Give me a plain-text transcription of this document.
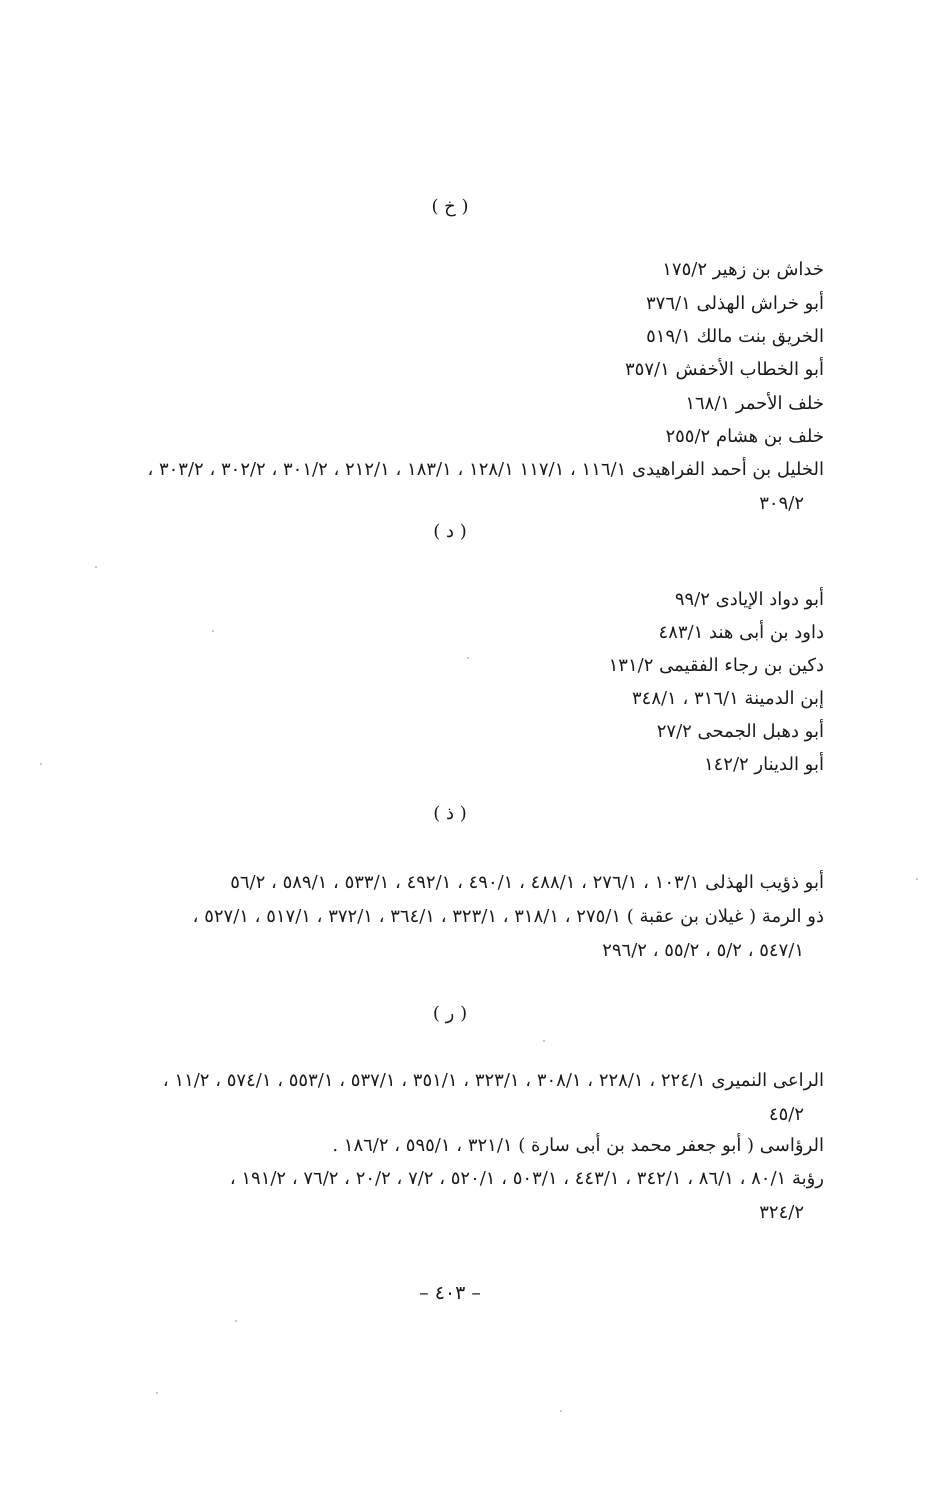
( خ )
خداش بن زهير ١٧٥/٢
أبو خراش الهذلى ٣٧٦/١
الخريق بنت مالك ٥١٩/١
أبو الخطاب الأخفش ٣٥٧/١
خلف الأحمر ١٦٨/١
خلف بن هشام ٢٥٥/٢
الخليل بن أحمد الفراهيدى ١١٦/١ ، ١١٧/١ ١٢٨/١ ، ١٨٣/١ ، ٢١٢/١ ، ٣٠١/٢ ، ٣٠٢/٢ ، ٣٠٣/٢ ،
٣٠٩/٢
( د )
أبو دواد الإيادى ٩٩/٢
داود بن أبى هند ٤٨٣/١
دكين بن رجاء الفقيمى ١٣١/٢
إبن الدمينة ٣١٦/١ ، ٣٤٨/١
أبو دهبل الجمحى ٢٧/٢
أبو الدينار ١٤٢/٢
( ذ )
أبو ذؤيب الهذلى ١٠٣/١ ، ٢٧٦/١ ، ٤٨٨/١ ، ٤٩٠/١ ، ٤٩٢/١ ، ٥٣٣/١ ، ٥٨٩/١ ، ٥٦/٢
ذو الرمة ( غيلان بن عقبة ) ٢٧٥/١ ، ٣١٨/١ ، ٣٢٣/١ ، ٣٦٤/١ ، ٣٧٢/١ ، ٥١٧/١ ، ٥٢٧/١ ،
٥٤٧/١ ، ٥/٢ ، ٥٥/٢ ، ٢٩٦/٢
( ر )
الراعى النميرى ٢٢٤/١ ، ٢٢٨/١ ، ٣٠٨/١ ، ٣٢٣/١ ، ٣٥١/١ ، ٥٣٧/١ ، ٥٥٣/١ ، ٥٧٤/١ ، ١١/٢ ،
٤٥/٢
الرؤاسى ( أبو جعفر محمد بن أبى سارة ) ٣٢١/١ ، ٥٩٥/١ ، ١٨٦/٢ .
رؤبة ٨٠/١ ، ٨٦/١ ، ٣٤٢/١ ، ٤٤٣/١ ، ٥٠٣/١ ، ٥٢٠/١ ، ٧/٢ ، ٢٠/٢ ، ٧٦/٢ ، ١٩١/٢ ،
٣٢٤/٢
– ٤٠٣ –
